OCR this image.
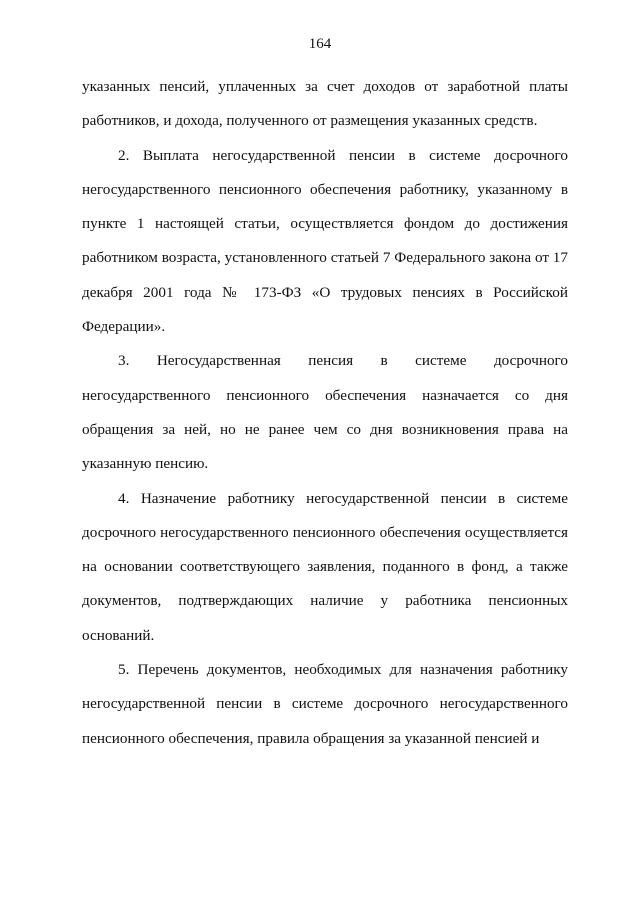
164

указанных пенсий, уплаченных за счет доходов от заработной платы работников, и дохода, полученного от размещения указанных средств.

2. Выплата негосударственной пенсии в системе досрочного негосударственного пенсионного обеспечения работнику, указанному в пункте 1 настоящей статьи, осуществляется фондом до достижения работником возраста, установленного статьей 7 Федерального закона от 17 декабря 2001 года № 173-ФЗ «О трудовых пенсиях в Российской Федерации».

3. Негосударственная пенсия в системе досрочного негосударственного пенсионного обеспечения назначается со дня обращения за ней, но не ранее чем со дня возникновения права на указанную пенсию.

4. Назначение работнику негосударственной пенсии в системе досрочного негосударственного пенсионного обеспечения осуществляется на основании соответствующего заявления, поданного в фонд, а также документов, подтверждающих наличие у работника пенсионных оснований.

5. Перечень документов, необходимых для назначения работнику негосударственной пенсии в системе досрочного негосударственного пенсионного обеспечения, правила обращения за указанной пенсией и
